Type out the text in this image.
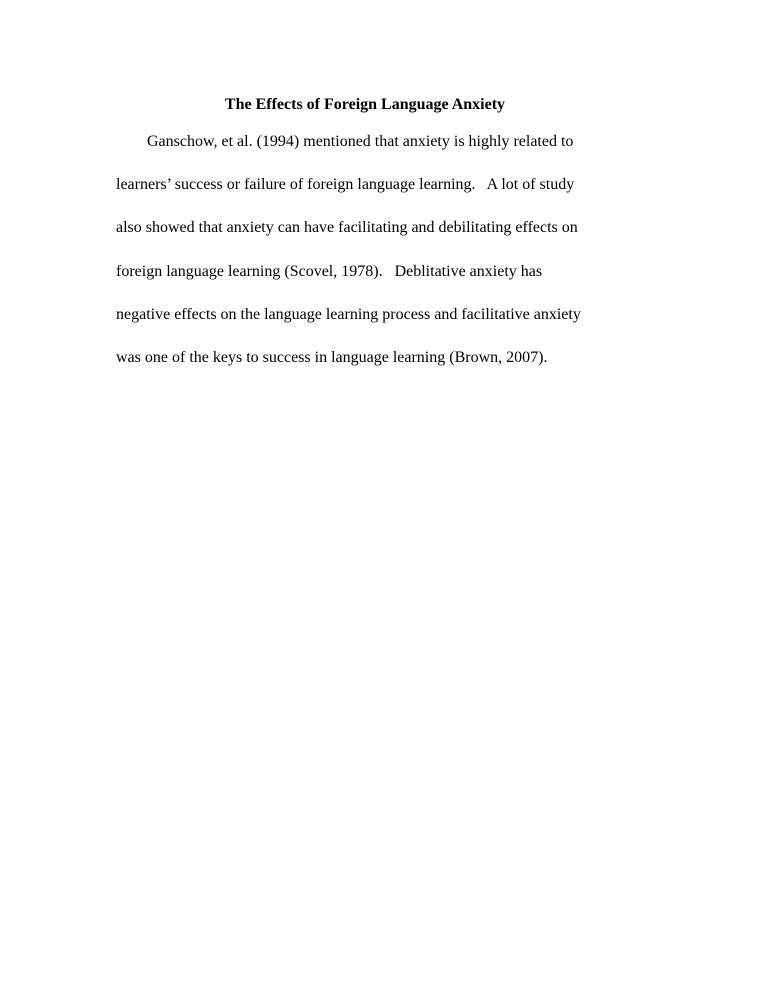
The Effects of Foreign Language Anxiety
Ganschow, et al. (1994) mentioned that anxiety is highly related to
learners’ success or failure of foreign language learning.   A lot of study
also showed that anxiety can have facilitating and debilitating effects on
foreign language learning (Scovel, 1978).   Deblitative anxiety has
negative effects on the language learning process and facilitative anxiety
was one of the keys to success in language learning (Brown, 2007).
